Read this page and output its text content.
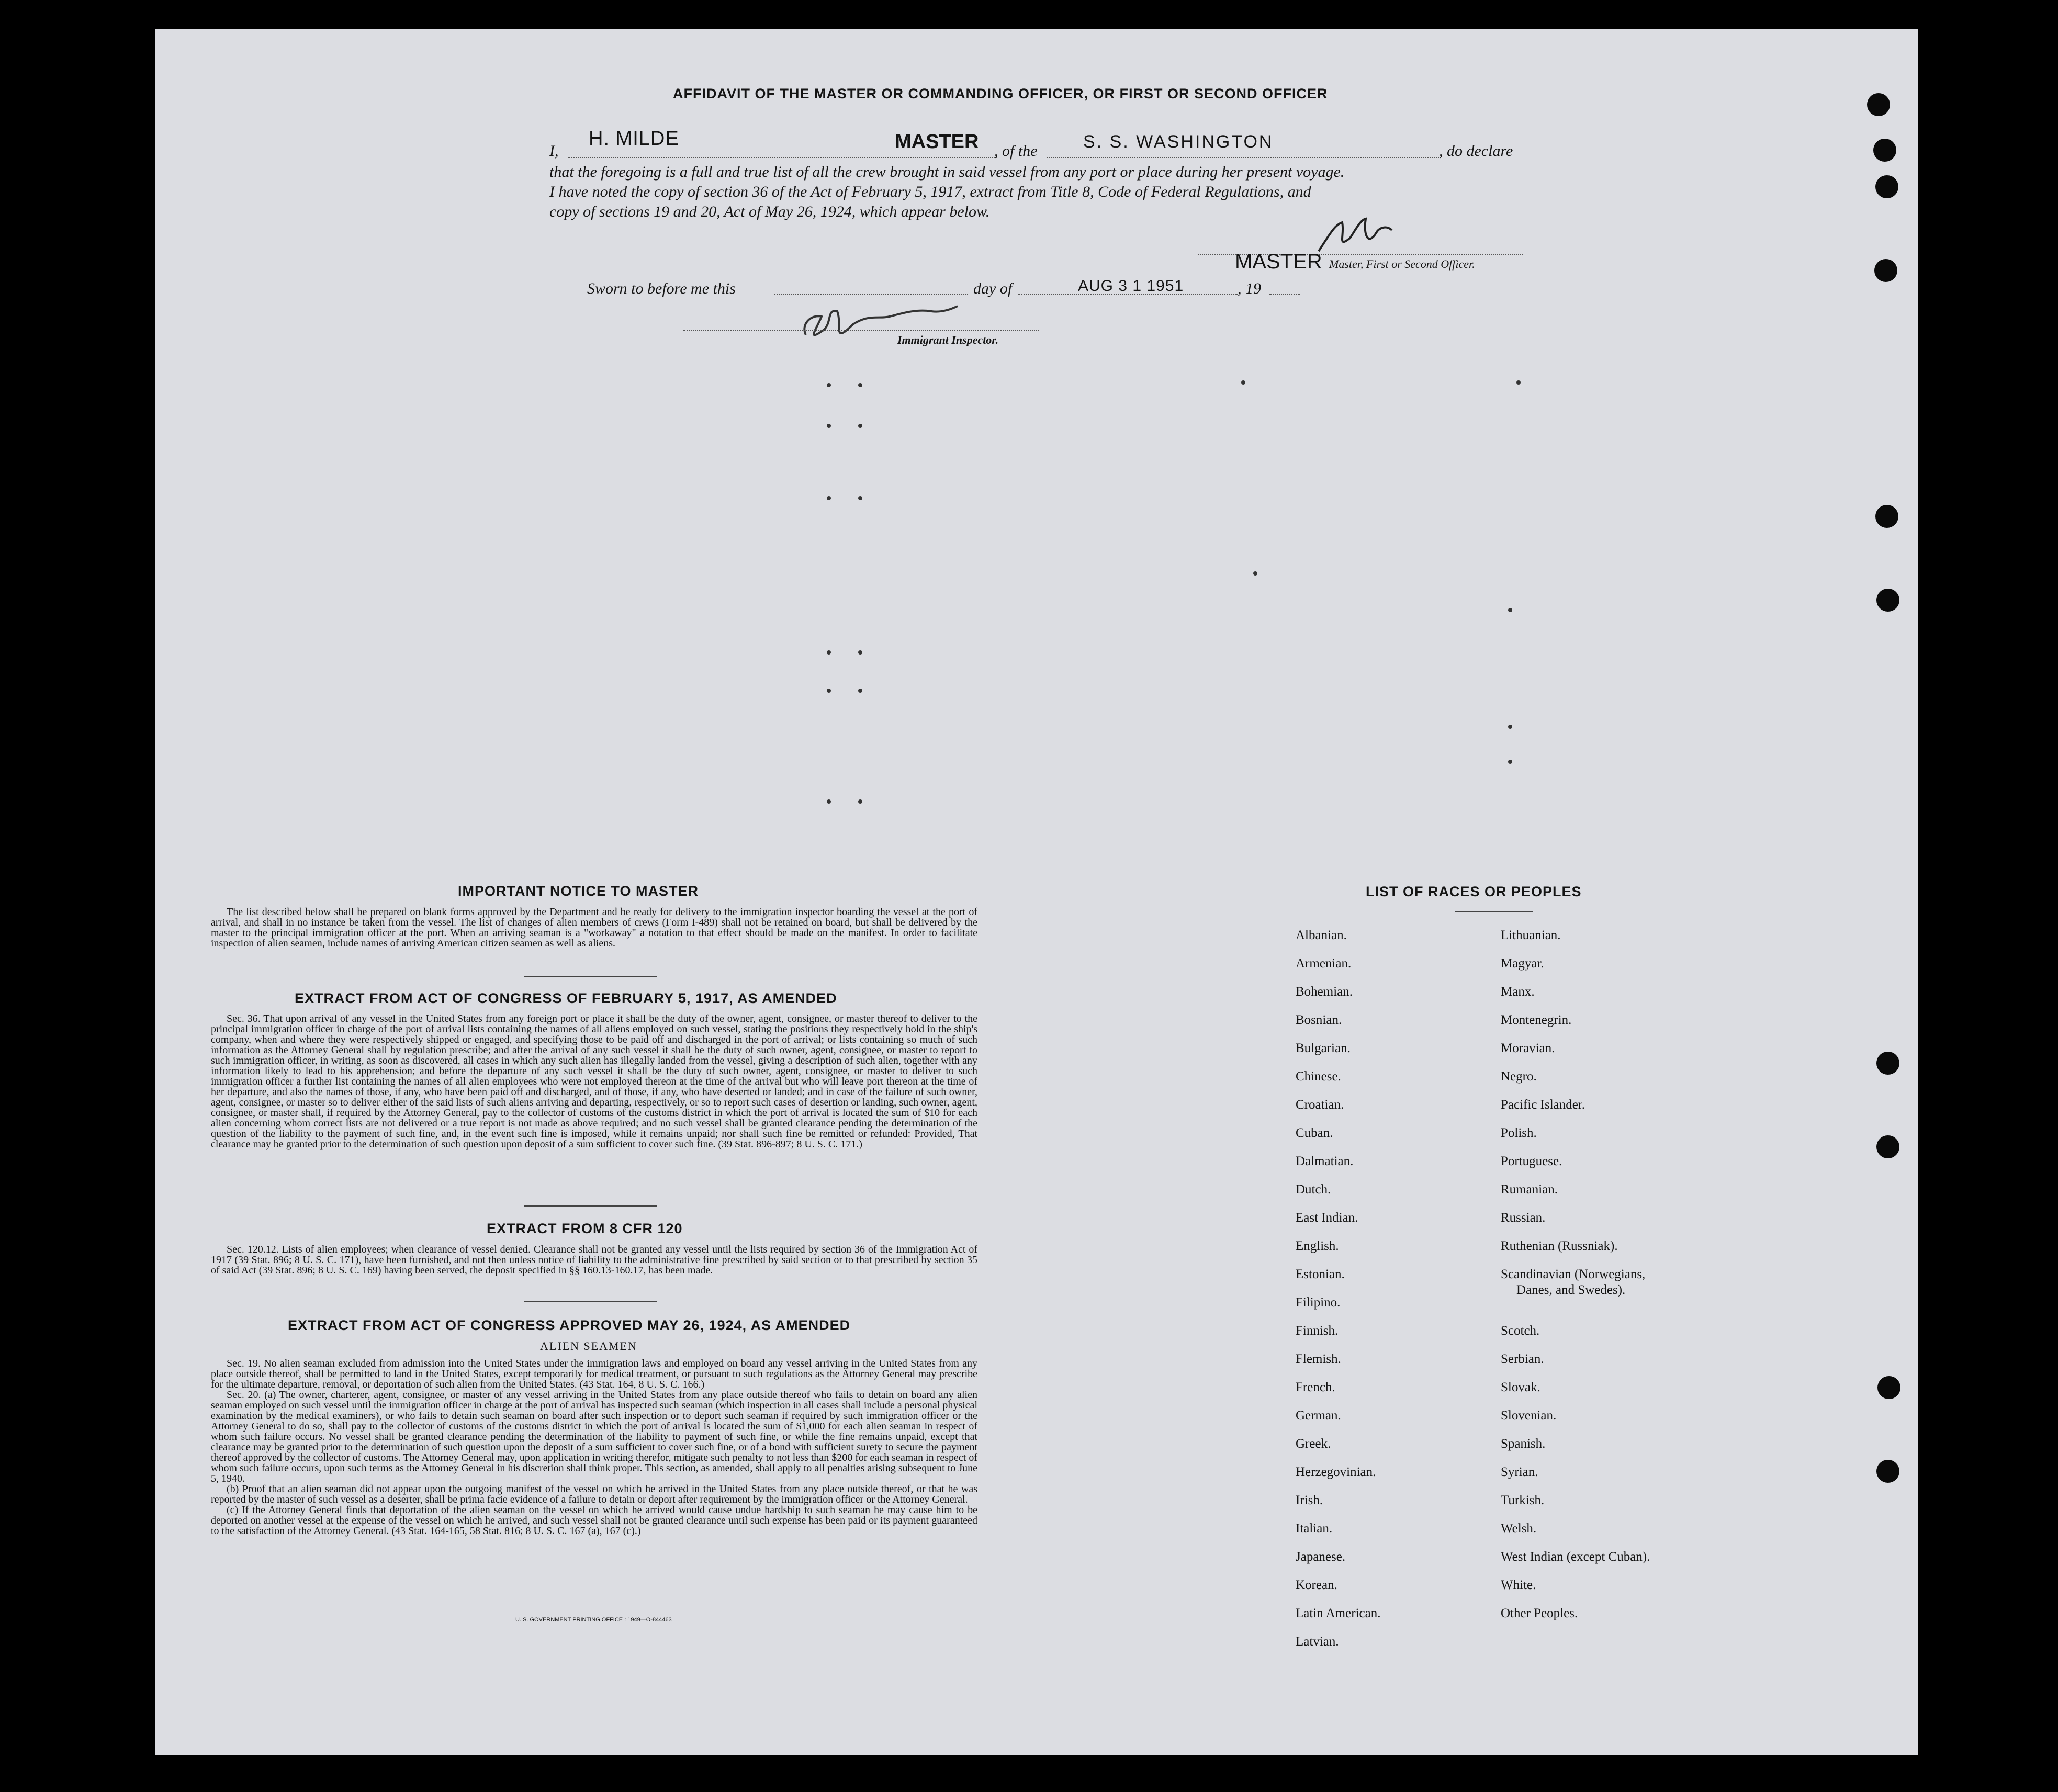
AFFIDAVIT OF THE MASTER OR COMMANDING OFFICER, OR FIRST OR SECOND OFFICER
I,
H. MILDE	MASTER , of the	S. S. WASHINGTON	, do declare
that the foregoing is a full and true list of all the crew brought in said vessel from any port or place during her present voyage.
I have noted the copy of section 36 of the Act of February 5, 1917, extract from Title 8, Code of Federal Regulations, and
copy of sections 19 and 20, Act of May 26, 1924, which appear below.
MASTER Master, First or Second Officer.
Sworn to before me this	day of	AUG 3 1 1951	, 19
Immigrant Inspector.
IMPORTANT NOTICE TO MASTER

The list described below shall be prepared on blank forms approved by the Department and be ready for delivery to the immigration inspector boarding the vessel at the port of arrival, and shall in no instance be taken from the vessel. The list of changes of alien members of crews (Form I-489) shall not be retained on board, but shall be delivered by the master to the principal immigration officer at the port. When an arriving seaman is a "workaway" a notation to that effect should be made on the manifest. In order to facilitate inspection of alien seamen, include names of arriving American citizen seamen as well as aliens.

EXTRACT FROM ACT OF CONGRESS OF FEBRUARY 5, 1917, AS AMENDED

Sec. 36. That upon arrival of any vessel in the United States from any foreign port or place it shall be the duty of the owner, agent, consignee, or master thereof to deliver to the principal immigration officer in charge of the port of arrival lists containing the names of all aliens employed on such vessel, stating the positions they respectively hold in the ship's company, when and where they were respectively shipped or engaged, and specifying those to be paid off and discharged in the port of arrival; or lists containing so much of such information as the Attorney General shall by regulation prescribe; and after the arrival of any such vessel it shall be the duty of such owner, agent, consignee, or master to report to such immigration officer, in writing, as soon as discovered, all cases in which any such alien has illegally landed from the vessel, giving a description of such alien, together with any information likely to lead to his apprehension; and before the departure of any such vessel it shall be the duty of such owner, agent, consignee, or master to deliver to such immigration officer a further list containing the names of all alien employees who were not employed thereon at the time of the arrival but who will leave port thereon at the time of her departure, and also the names of those, if any, who have been paid off and discharged, and of those, if any, who have deserted or landed; and in case of the failure of such owner, agent, consignee, or master so to deliver either of the said lists of such aliens arriving and departing, respectively, or so to report such cases of desertion or landing, such owner, agent, consignee, or master shall, if required by the Attorney General, pay to the collector of customs of the customs district in which the port of arrival is located the sum of $10 for each alien concerning whom correct lists are not delivered or a true report is not made as above required; and no such vessel shall be granted clearance pending the determination of the question of the liability to the payment of such fine, and, in the event such fine is imposed, while it remains unpaid; nor shall such fine be remitted or refunded: Provided, That clearance may be granted prior to the determination of such question upon deposit of a sum sufficient to cover such fine. (39 Stat. 896-897; 8 U. S. C. 171.)

EXTRACT FROM 8 CFR 120

Sec. 120.12. Lists of alien employees; when clearance of vessel denied. Clearance shall not be granted any vessel until the lists required by section 36 of the Immigration Act of 1917 (39 Stat. 896; 8 U. S. C. 171), have been furnished, and not then unless notice of liability to the administrative fine prescribed by said section or to that prescribed by section 35 of said Act (39 Stat. 896; 8 U. S. C. 169) having been served, the deposit specified in §§ 160.13-160.17, has been made.

EXTRACT FROM ACT OF CONGRESS APPROVED MAY 26, 1924, AS AMENDED
ALIEN SEAMEN

Sec. 19. No alien seaman excluded from admission into the United States under the immigration laws and employed on board any vessel arriving in the United States from any place outside thereof, shall be permitted to land in the United States, except temporarily for medical treatment, or pursuant to such regulations as the Attorney General may prescribe for the ultimate departure, removal, or deportation of such alien from the United States. (43 Stat. 164, 8 U. S. C. 166.)

Sec. 20. (a) The owner, charterer, agent, consignee, or master of any vessel arriving in the United States from any place outside thereof who fails to detain on board any alien seaman employed on such vessel until the immigration officer in charge at the port of arrival has inspected such seaman (which inspection in all cases shall include a personal physical examination by the medical examiners), or who fails to detain such seaman on board after such inspection or to deport such seaman if required by such immigration officer or the Attorney General to do so, shall pay to the collector of customs of the customs district in which the port of arrival is located the sum of $1,000 for each alien seaman in respect of whom such failure occurs. No vessel shall be granted clearance pending the determination of the liability to payment of such fine, or while the fine remains unpaid, except that clearance may be granted prior to the determination of such question upon the deposit of a sum sufficient to cover such fine, or of a bond with sufficient surety to secure the payment thereof approved by the collector of customs. The Attorney General may, upon application in writing therefor, mitigate such penalty to not less than $200 for each seaman in respect of whom such failure occurs, upon such terms as the Attorney General in his discretion shall think proper. This section, as amended, shall apply to all penalties arising subsequent to June 5, 1940.

(b) Proof that an alien seaman did not appear upon the outgoing manifest of the vessel on which he arrived in the United States from any place outside thereof, or that he was reported by the master of such vessel as a deserter, shall be prima facie evidence of a failure to detain or deport after requirement by the immigration officer or the Attorney General.

(c) If the Attorney General finds that deportation of the alien seaman on the vessel on which he arrived would cause undue hardship to such seaman he may cause him to be deported on another vessel at the expense of the vessel on which he arrived, and such vessel shall not be granted clearance until such expense has been paid or its payment guaranteed to the satisfaction of the Attorney General. (43 Stat. 164-165, 58 Stat. 816; 8 U. S. C. 167 (a), 167 (c).)

U. S. GOVERNMENT PRINTING OFFICE : 1949—O-844463
LIST OF RACES OR PEOPLES
Albanian.
Armenian.
Bohemian.
Bosnian.
Bulgarian.
Chinese.
Croatian.
Cuban.
Dalmatian.
Dutch.
East Indian.
English.
Estonian.
Filipino.
Finnish.
Flemish.
French.
German.
Greek.
Herzegovinian.
Irish.
Italian.
Japanese.
Korean.
Latin American.
Latvian.
Lithuanian.
Magyar.
Manx.
Montenegrin.
Moravian.
Negro.
Pacific Islander.
Polish.
Portuguese.
Rumanian.
Russian.
Ruthenian (Russniak).
Scandinavian (Norwegians,
Danes, and Swedes).
Scotch.
Serbian.
Slovak.
Slovenian.
Spanish.
Syrian.
Turkish.
Welsh.
West Indian (except Cuban).
White.
Other Peoples.
